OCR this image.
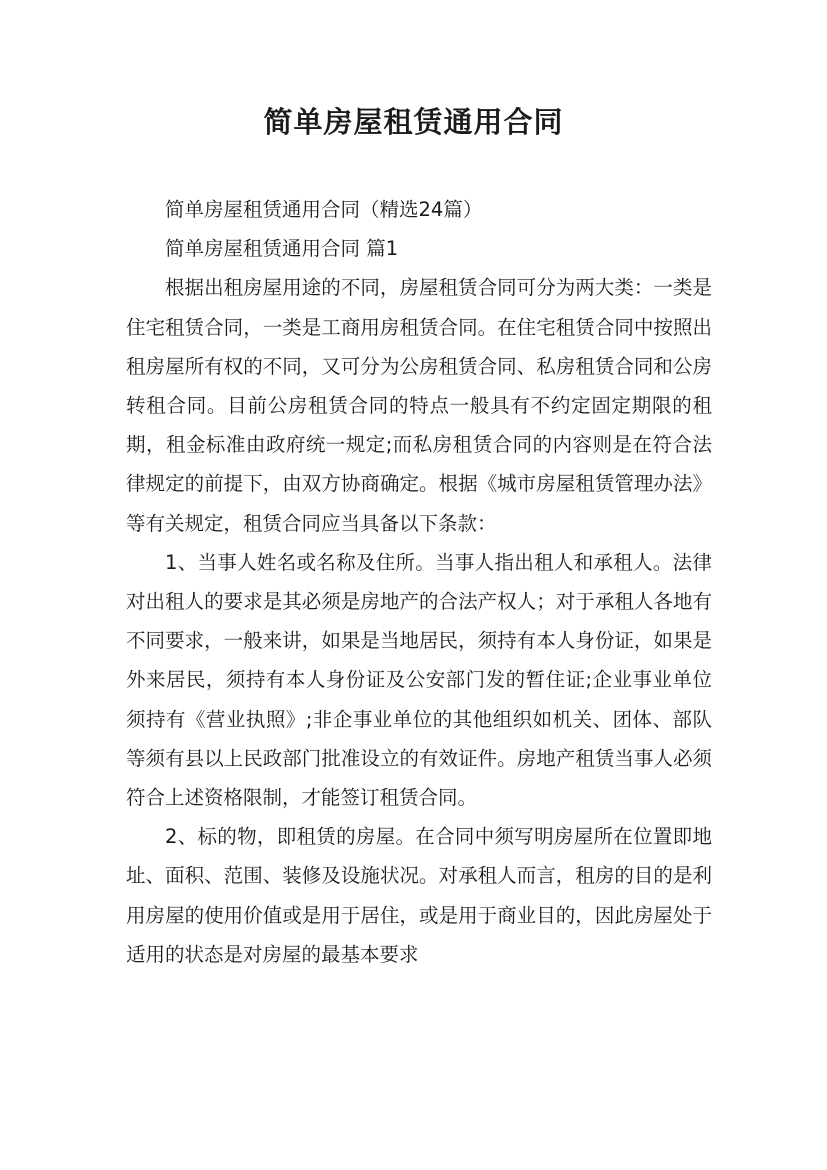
简单房屋租赁通用合同

简单房屋租赁通用合同（精选24篇）

简单房屋租赁通用合同 篇1

根据出租房屋用途的不同，房屋租赁合同可分为两大类：一类是住宅租赁合同，一类是工商用房租赁合同。在住宅租赁合同中按照出租房屋所有权的不同，又可分为公房租赁合同、私房租赁合同和公房转租合同。目前公房租赁合同的特点一般具有不约定固定期限的租期，租金标准由政府统一规定;而私房租赁合同的内容则是在符合法律规定的前提下，由双方协商确定。根据《城市房屋租赁管理办法》等有关规定，租赁合同应当具备以下条款：

1、当事人姓名或名称及住所。当事人指出租人和承租人。法律对出租人的要求是其必须是房地产的合法产权人；对于承租人各地有不同要求，一般来讲，如果是当地居民，须持有本人身份证，如果是外来居民，须持有本人身份证及公安部门发的暂住证;企业事业单位须持有《营业执照》;非企事业单位的其他组织如机关、团体、部队等须有县以上民政部门批准设立的有效证件。房地产租赁当事人必须符合上述资格限制，才能签订租赁合同。

2、标的物，即租赁的房屋。在合同中须写明房屋所在位置即地址、面积、范围、装修及设施状况。对承租人而言，租房的目的是利用房屋的使用价值或是用于居住，或是用于商业目的，因此房屋处于适用的状态是对房屋的最基本要求
